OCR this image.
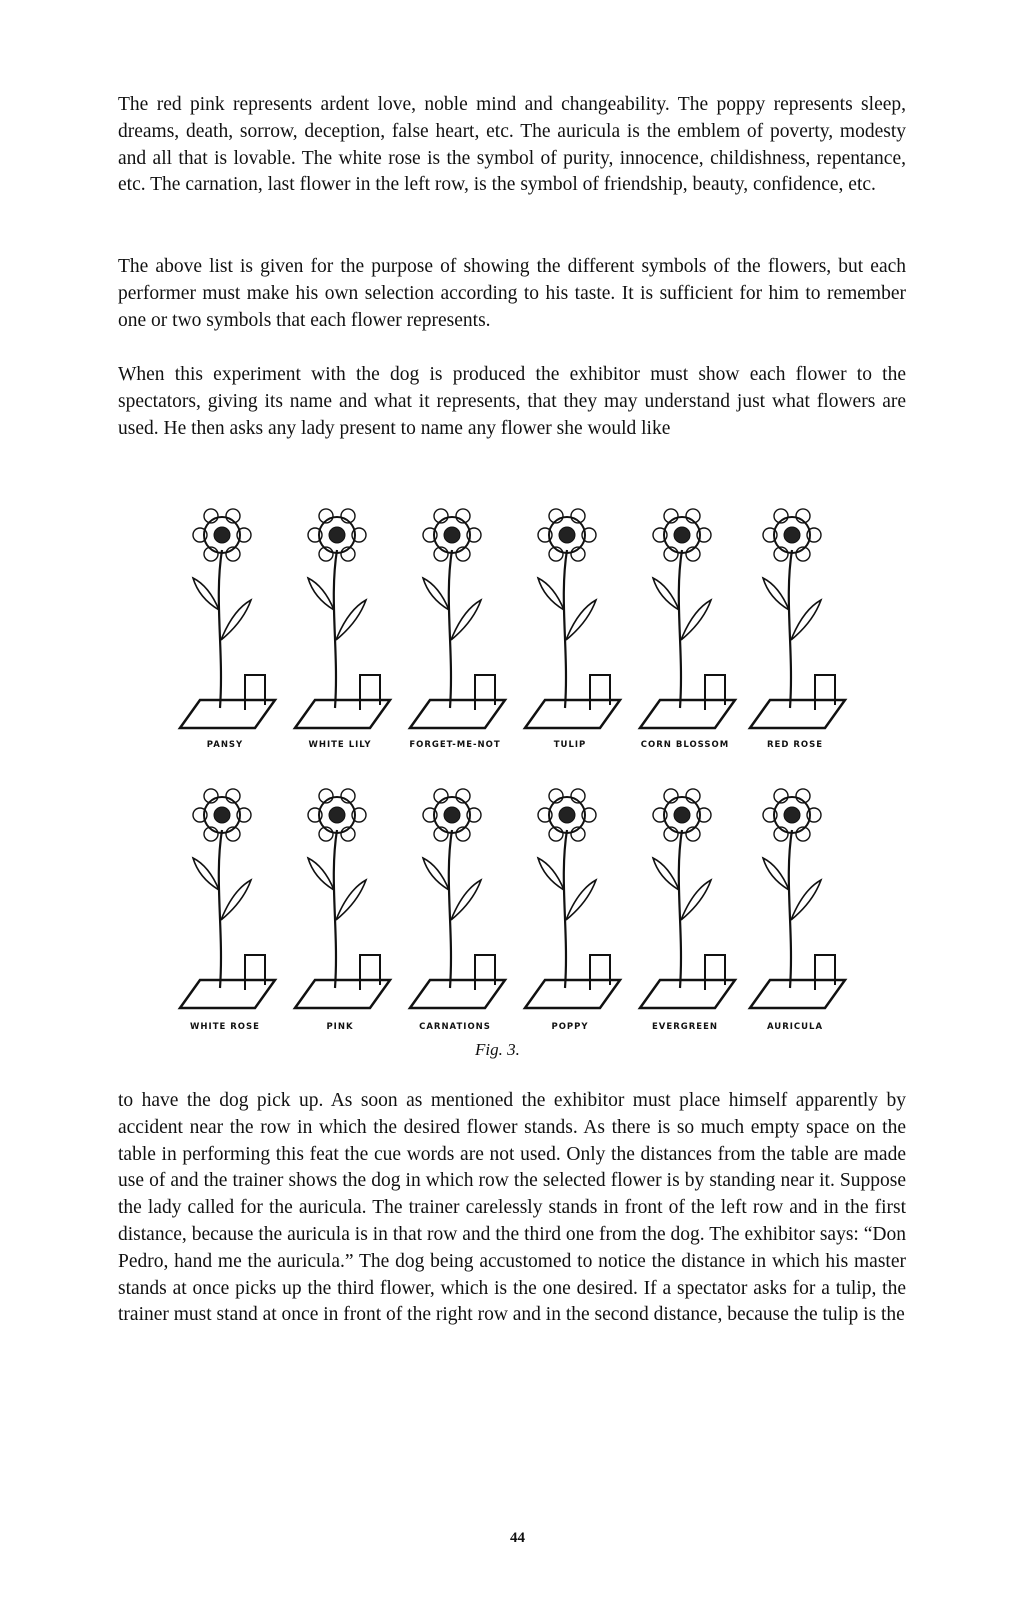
The red pink represents ardent love, noble mind and changeability. The poppy represents sleep, dreams, death, sorrow, deception, false heart, etc. The auricula is the emblem of poverty, modesty and all that is lovable. The white rose is the symbol of purity, innocence, childishness, repentance, etc. The carnation, last flower in the left row, is the symbol of friendship, beauty, confidence, etc.

The above list is given for the purpose of showing the different symbols of the flowers, but each performer must make his own selection according to his taste. It is sufficient for him to remember one or two symbols that each flower represents.

When this experiment with the dog is produced the exhibitor must show each flower to the spectators, giving its name and what it represents, that they may understand just what flowers are used. He then asks any lady present to name any flower she would like

PANSY	WHITE LILY	FORGET-ME-NOT	TULIP	CORN BLOSSOM	RED ROSE
WHITE ROSE	PINK	CARNATIONS	POPPY	EVERGREEN	AURICULA
Fig. 3.

to have the dog pick up. As soon as mentioned the exhibitor must place himself apparently by accident near the row in which the desired flower stands. As there is so much empty space on the table in performing this feat the cue words are not used. Only the distances from the table are made use of and the trainer shows the dog in which row the selected flower is by standing near it. Suppose the lady called for the auricula. The trainer carelessly stands in front of the left row and in the first distance, because the auricula is in that row and the third one from the dog. The exhibitor says: “Don Pedro, hand me the auricula.” The dog being accustomed to notice the distance in which his master stands at once picks up the third flower, which is the one desired. If a spectator asks for a tulip, the trainer must stand at once in front of the right row and in the second distance, because the tulip is the

44
